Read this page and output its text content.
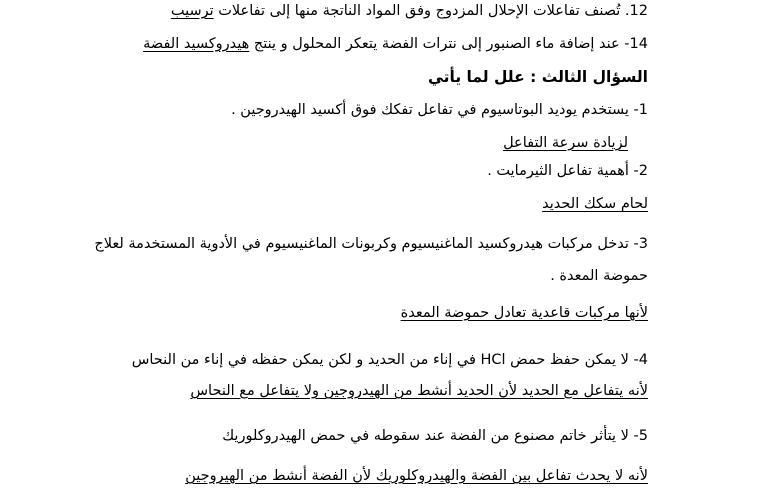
12. تُصنف تفاعلات الإحلال المزدوج وفق المواد الناتجة منها إلى تفاعلات ترسيب
14- عند إضافة ماء الصنبور إلى نترات الفضة يتعكر المحلول و ينتج هيدروكسيد الفضة
السؤال الثالث : علل لما يأتي
1- يستخدم يوديد البوتاسيوم في تفاعل تفكك فوق أكسيد الهيدروجين .
لزيادة سرعة التفاعل
2- أهمية تفاعل الثيرمايت .
لحام سكك الحديد
3- تدخل مركبات هيدروكسيد الماغنيسيوم وكربونات الماغنيسيوم في الأدوية المستخدمة لعلاج
حموضة المعدة .
لأنها مركبات قاعدية تعادل حموضة المعدة
4- لا يمكن حفظ حمض HCl في إناء من الحديد و لكن يمكن حفظه في إناء من النحاس
لأنه يتفاعل مع الحديد لأن الحديد أنشط من الهيدروجين ولا يتفاعل مع النحاس
5- لا يتأثر خاتم مصنوع من الفضة عند سقوطه في حمض الهيدروكلوريك
لأنه لا يحدث تفاعل بين الفضة والهيدروكلوريك لأن الفضة أنشط من الهيروجين
